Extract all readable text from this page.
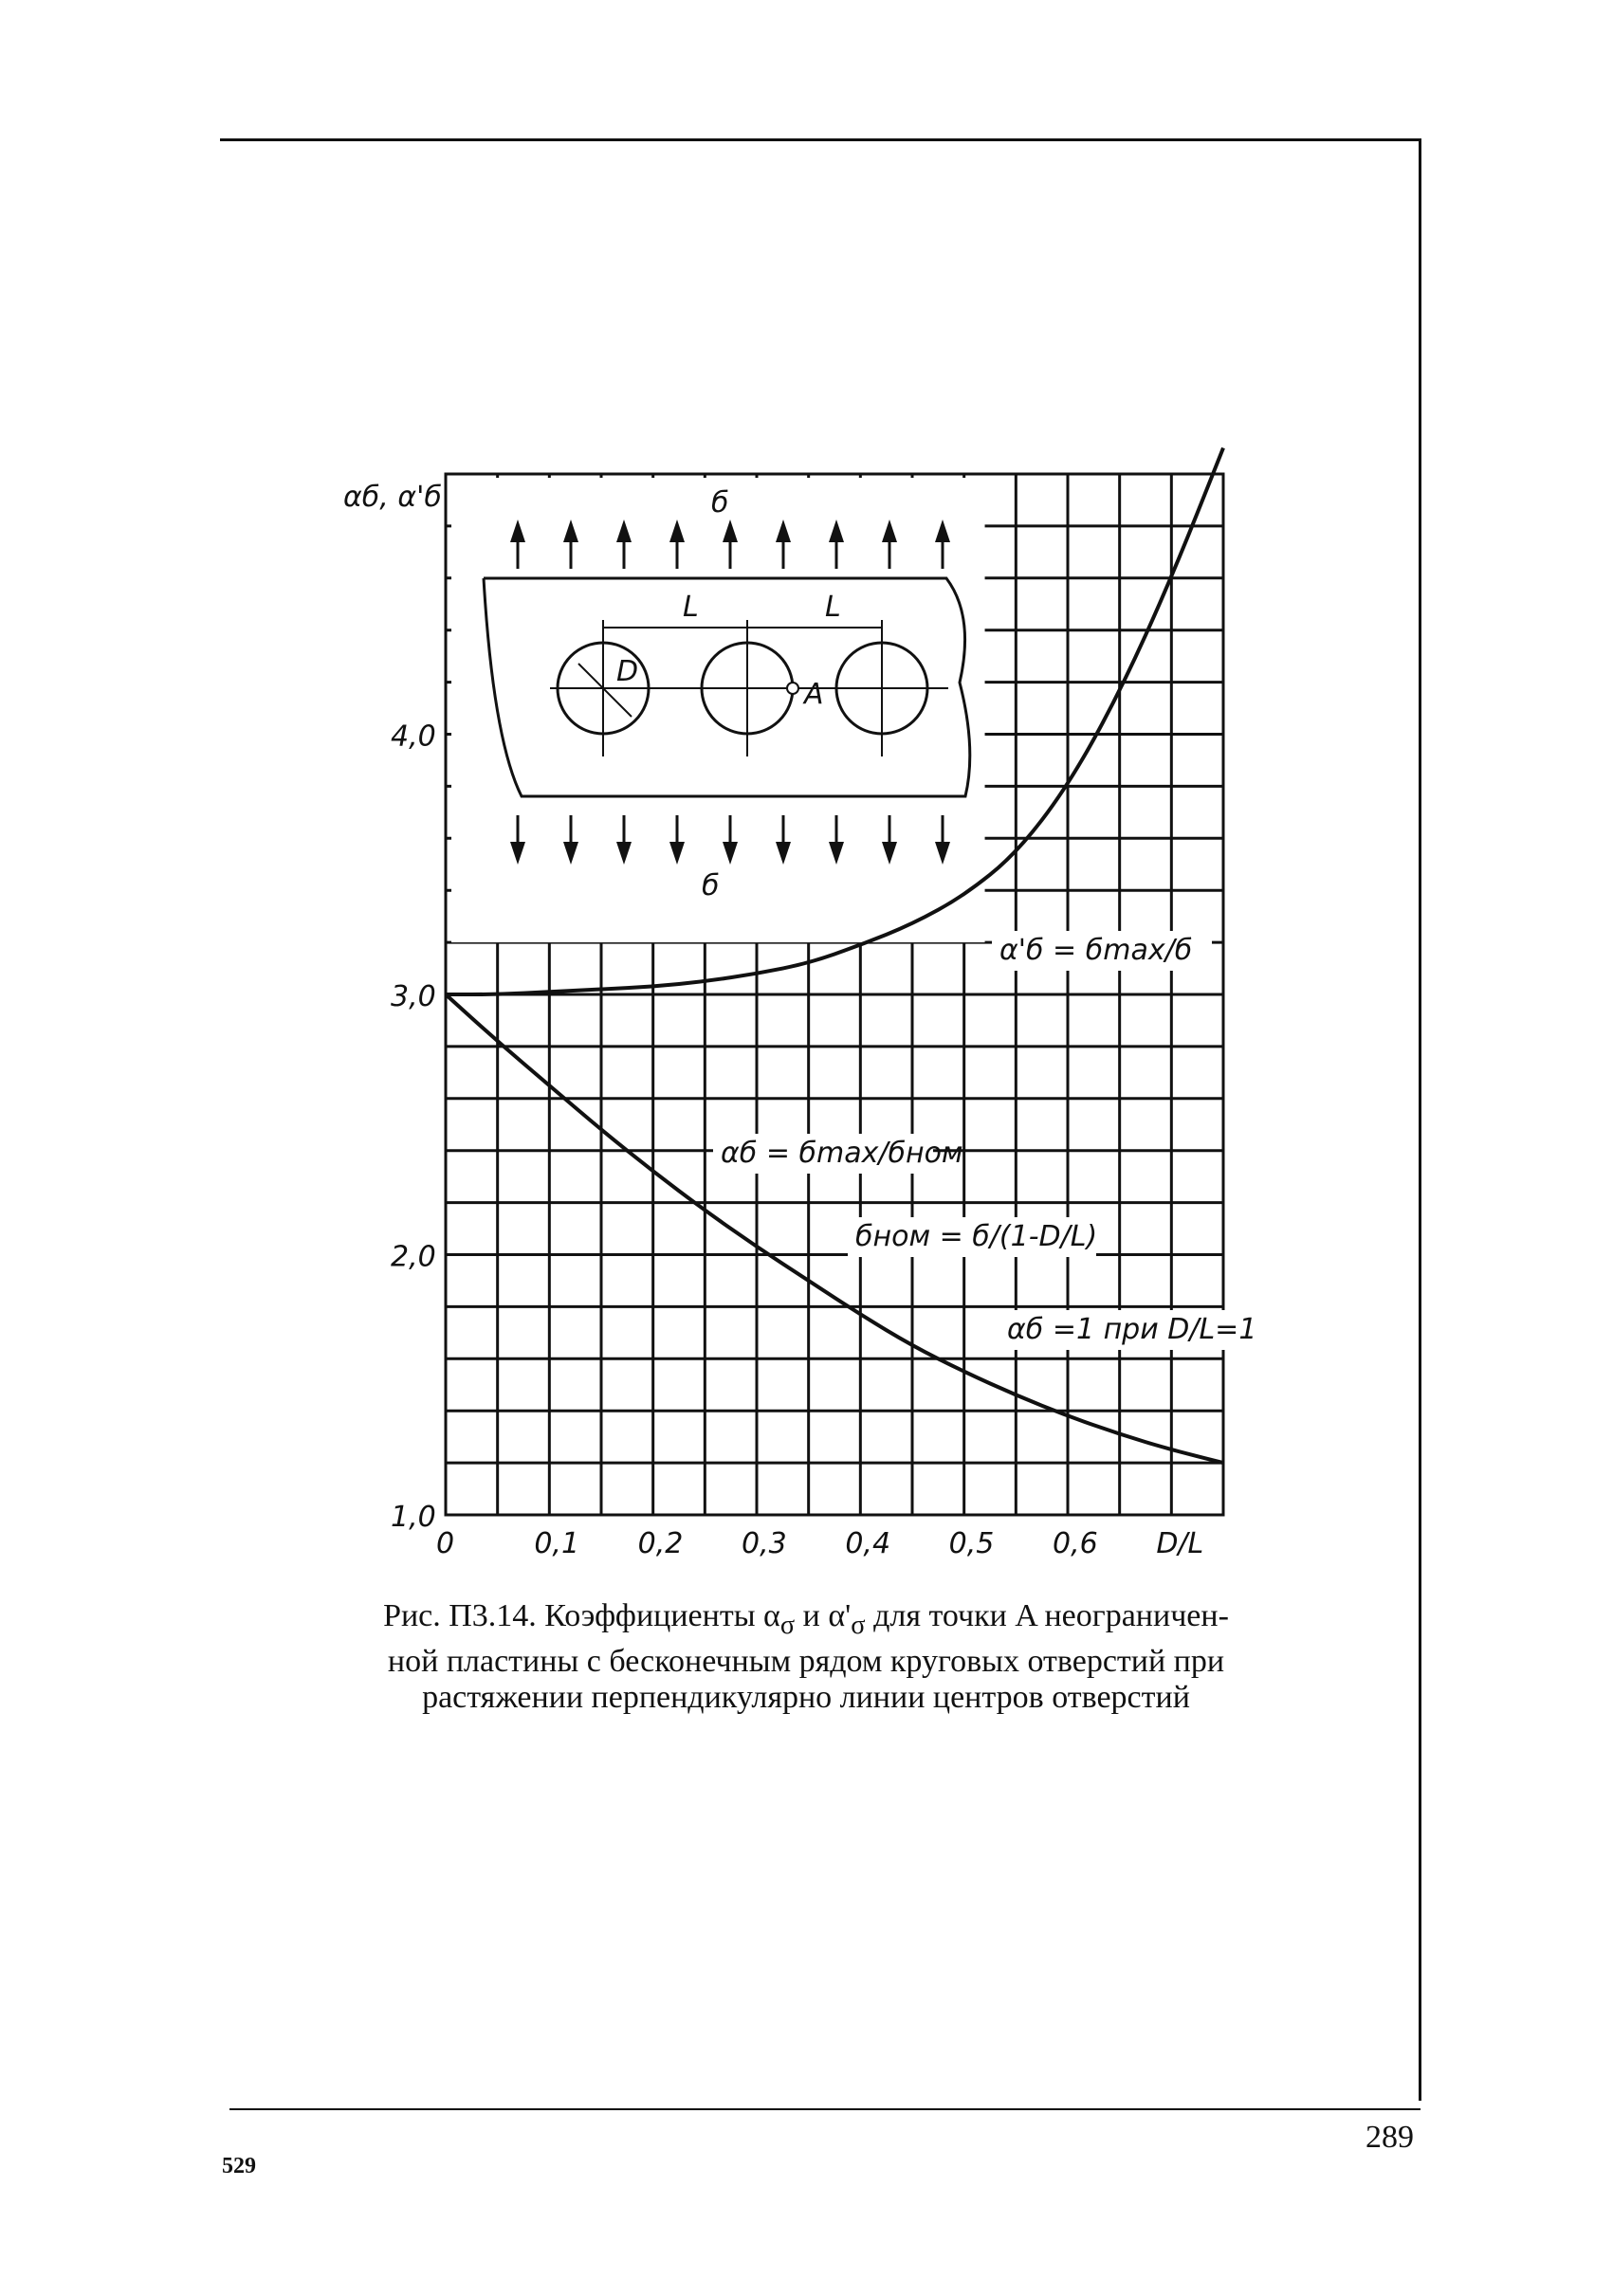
б
б
L	L
D
A
0	0,1 0,2 0,3 0,4 0,5 0,6 D/L
1,0
2,0
3,0
4,0
αб, α'б
α'б = бmax/б
αб = бmax/бном
бном = б/(1-D/L)
αб =1 при D/L=1
Рис. П3.14. Коэффициенты $\alpha_\sigma$ и $\alpha'_\sigma$ для точки A неограничен-
ной пластины с бесконечным рядом круговых отверстий при
растяжении перпендикулярно линии центров отверстий
289
529
